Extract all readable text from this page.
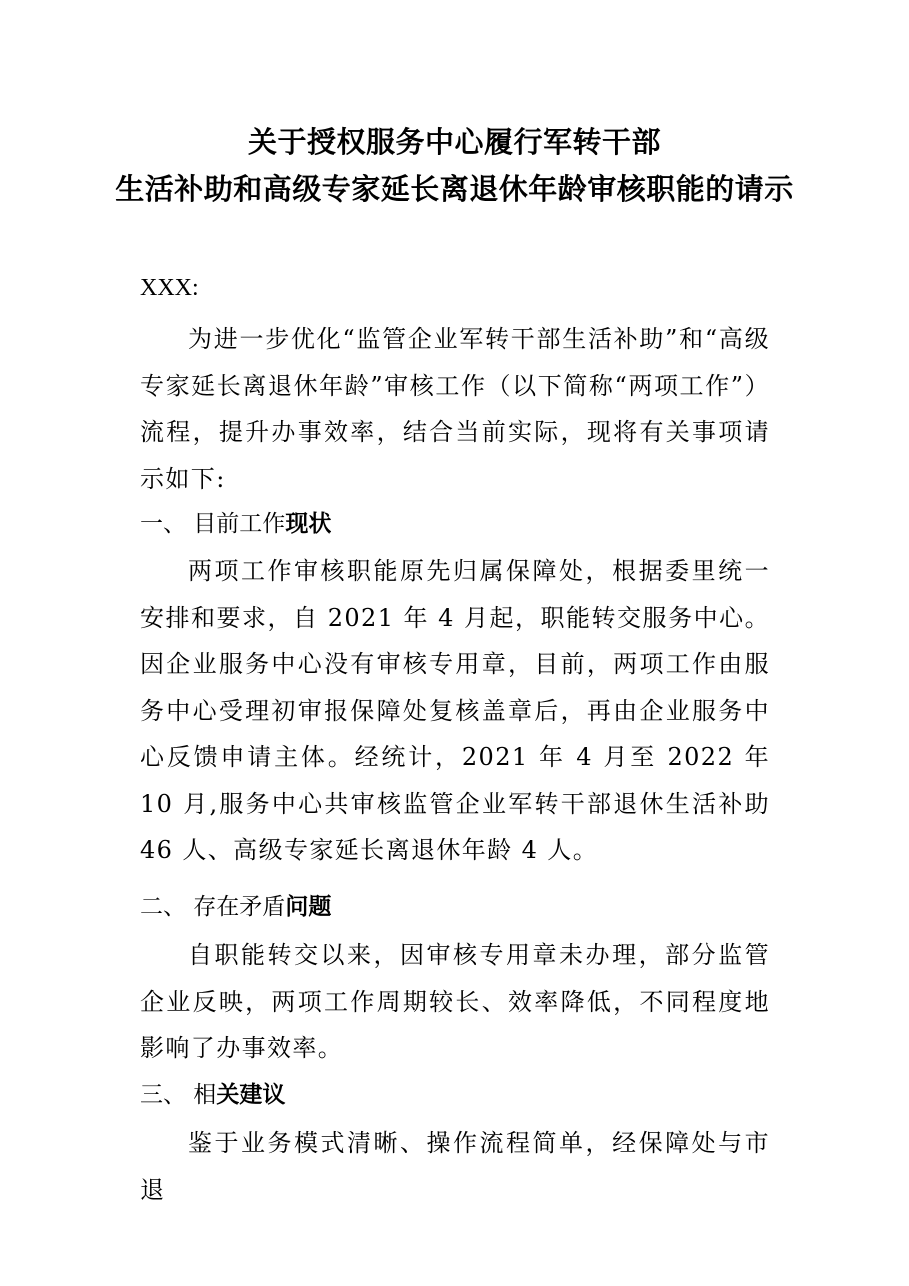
关于授权服务中心履行军转干部
生活补助和高级专家延长离退休年龄审核职能的请示
XXX:

为进一步优化“监管企业军转干部生活补助”和“高级专家延长离退休年龄”审核工作（以下简称“两项工作”）流程，提升办事效率，结合当前实际，现将有关事项请示如下:

一、 目前工作现状

两项工作审核职能原先归属保障处，根据委里统一安排和要求，自 2021 年 4 月起，职能转交服务中心。因企业服务中心没有审核专用章，目前，两项工作由服务中心受理初审报保障处复核盖章后，再由企业服务中心反馈申请主体。经统计，2021 年 4 月至 2022 年 10 月,服务中心共审核监管企业军转干部退休生活补助 46 人、高级专家延长离退休年龄 4 人。

二、 存在矛盾问题

自职能转交以来，因审核专用章未办理，部分监管企业反映，两项工作周期较长、效率降低，不同程度地影响了办事效率。

三、 相关建议

鉴于业务模式清晰、操作流程简单，经保障处与市退
